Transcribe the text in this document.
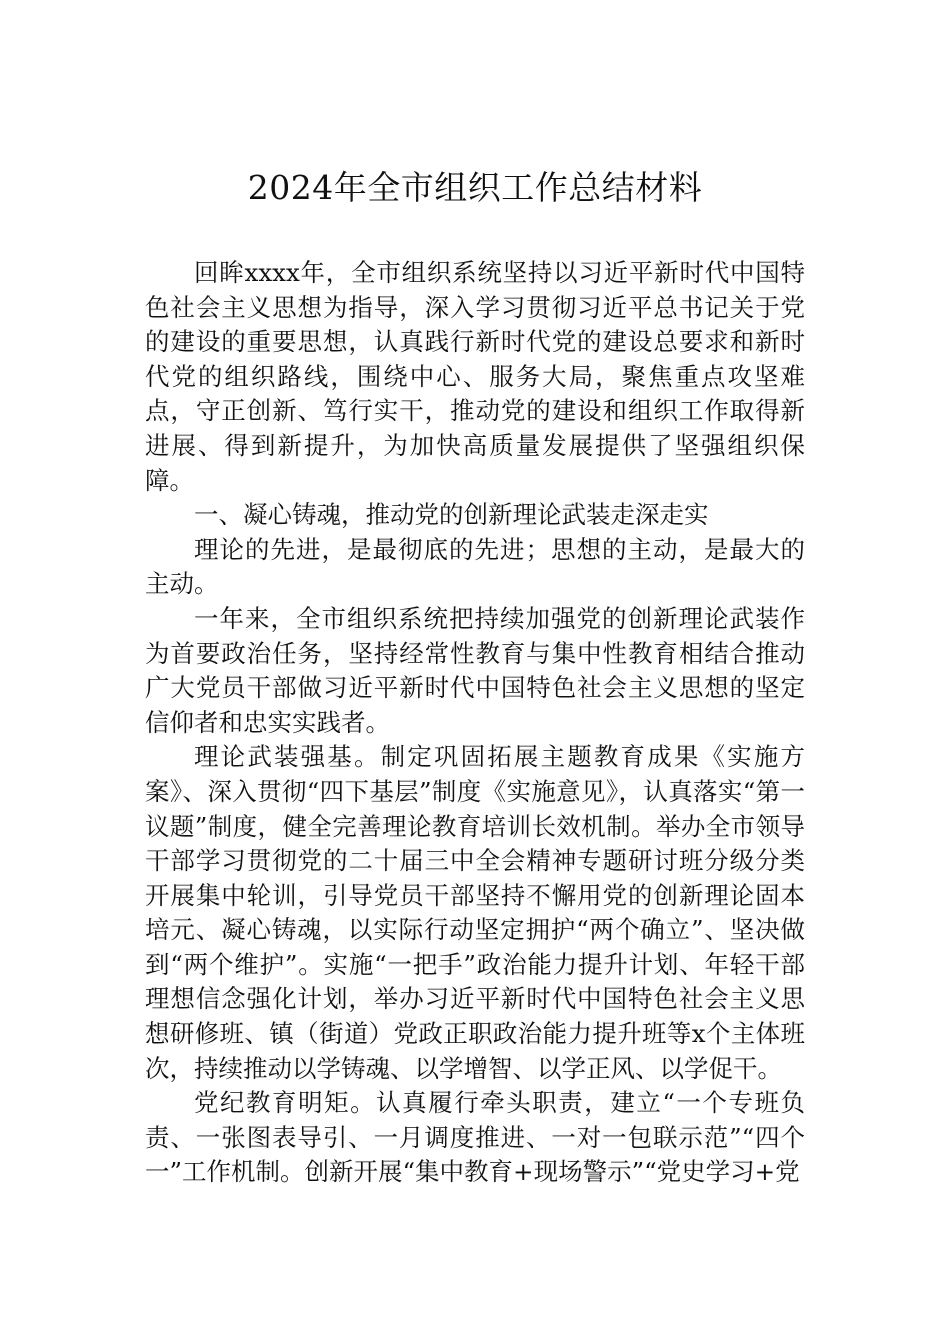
2024年全市组织工作总结材料

回眸xxxx年，全市组织系统坚持以习近平新时代中国特色社会主义思想为指导，深入学习贯彻习近平总书记关于党的建设的重要思想，认真践行新时代党的建设总要求和新时代党的组织路线，围绕中心、服务大局，聚焦重点攻坚难点，守正创新、笃行实干，推动党的建设和组织工作取得新进展、得到新提升，为加快高质量发展提供了坚强组织保障。

一、凝心铸魂，推动党的创新理论武装走深走实

理论的先进，是最彻底的先进；思想的主动，是最大的主动。

一年来，全市组织系统把持续加强党的创新理论武装作为首要政治任务，坚持经常性教育与集中性教育相结合推动广大党员干部做习近平新时代中国特色社会主义思想的坚定信仰者和忠实实践者。

理论武装强基。制定巩固拓展主题教育成果《实施方案》、深入贯彻“四下基层”制度《实施意见》，认真落实“第一议题”制度，健全完善理论教育培训长效机制。举办全市领导干部学习贯彻党的二十届三中全会精神专题研讨班分级分类开展集中轮训，引导党员干部坚持不懈用党的创新理论固本培元、凝心铸魂，以实际行动坚定拥护“两个确立”、坚决做到“两个维护”。实施“一把手”政治能力提升计划、年轻干部理想信念强化计划，举办习近平新时代中国特色社会主义思想研修班、镇（街道）党政正职政治能力提升班等x个主体班次，持续推动以学铸魂、以学增智、以学正风、以学促干。

党纪教育明矩。认真履行牵头职责，建立“一个专班负责、一张图表导引、一月调度推进、一对一包联示范”“四个一”工作机制。创新开展“集中教育+现场警示”“党史学习+党
